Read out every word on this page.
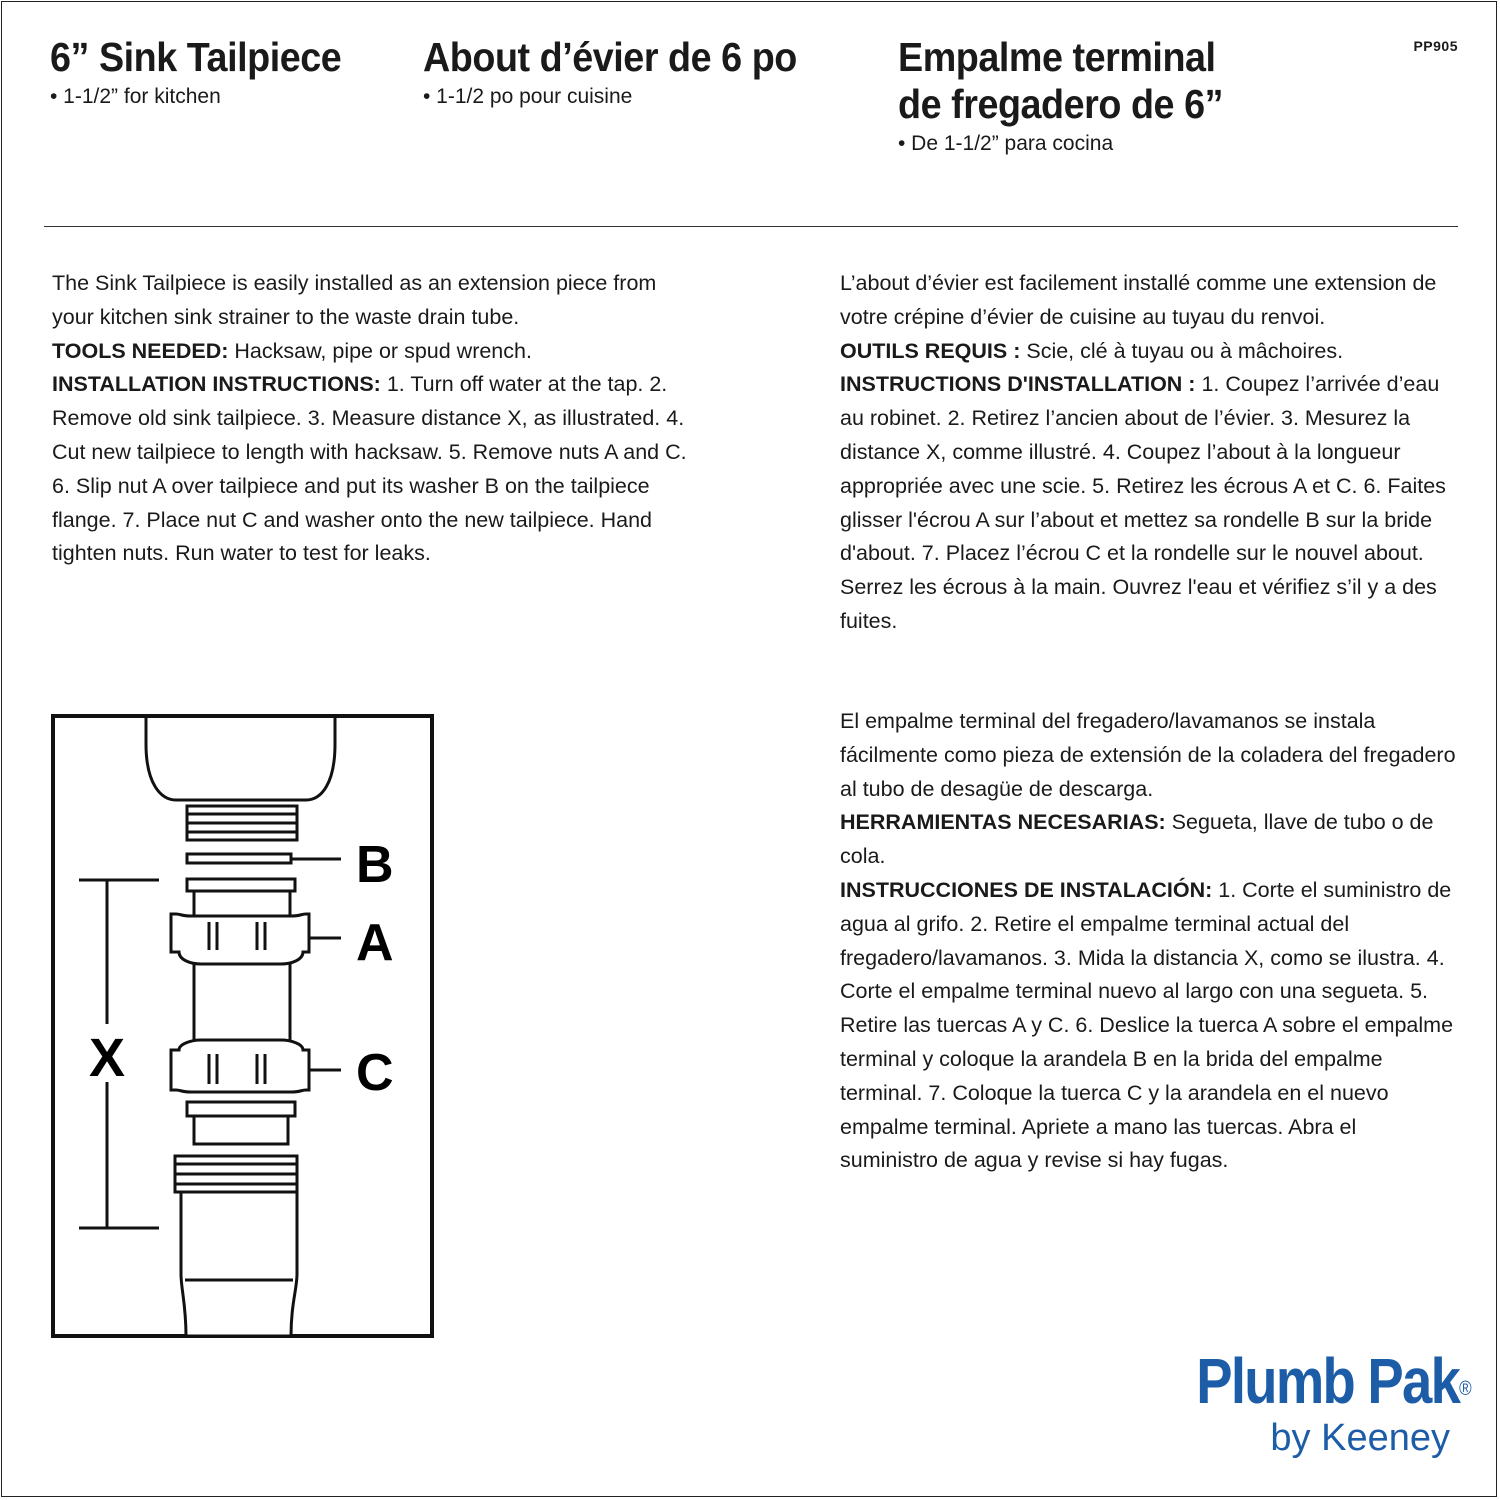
PP905
6” Sink Tailpiece
• 1-1/2” for kitchen
About d’évier de 6 po
• 1-1/2 po pour cuisine
Empalme terminal
de fregadero de 6”
• De 1-1/2” para cocina

The Sink Tailpiece is easily installed as an extension piece from your kitchen sink strainer to the waste drain tube.

TOOLS NEEDED: Hacksaw, pipe or spud wrench.

INSTALLATION INSTRUCTIONS: 1. Turn off water at the tap. 2. Remove old sink tailpiece. 3. Measure distance X, as illustrated. 4. Cut new tailpiece to length with hacksaw. 5. Remove nuts A and C. 6. Slip nut A over tailpiece and put its washer B on the tailpiece flange. 7. Place nut C and washer onto the new tailpiece. Hand tighten nuts. Run water to test for leaks.

L’about d’évier est facilement installé comme une extension de votre crépine d’évier de cuisine au tuyau du renvoi.

OUTILS REQUIS : Scie, clé à tuyau ou à mâchoires.

INSTRUCTIONS D'INSTALLATION : 1. Coupez l’arrivée d’eau au robinet. 2. Retirez l’ancien about de l’évier. 3. Mesurez la distance X, comme illustré. 4. Coupez l’about à la longueur appropriée avec une scie. 5. Retirez les écrous A et C. 6. Faites glisser l'écrou A sur l’about et mettez sa rondelle B sur la bride d'about. 7. Placez l’écrou C et la rondelle sur le nouvel about. Serrez les écrous à la main. Ouvrez l'eau et vérifiez s’il y a des fuites.

El empalme terminal del fregadero/lavamanos se instala fácilmente como pieza de extensión de la coladera del fregadero al tubo de desagüe de descarga.

HERRAMIENTAS NECESARIAS: Segueta, llave de tubo o de cola.

INSTRUCCIONES DE INSTALACIÓN: 1. Corte el suministro de agua al grifo. 2. Retire el empalme terminal actual del fregadero/lavamanos. 3. Mida la distancia X, como se ilustra. 4. Corte el empalme terminal nuevo al largo con una segueta. 5. Retire las tuercas A y C. 6. Deslice la tuerca A sobre el empalme terminal y coloque la arandela B en la brida del empalme terminal. 7. Coloque la tuerca C y la arandela en el nuevo empalme terminal. Apriete a mano las tuercas. Abra el suministro de agua y revise si hay fugas.

B
A
C
X
Plumb Pak®
by Keeney
